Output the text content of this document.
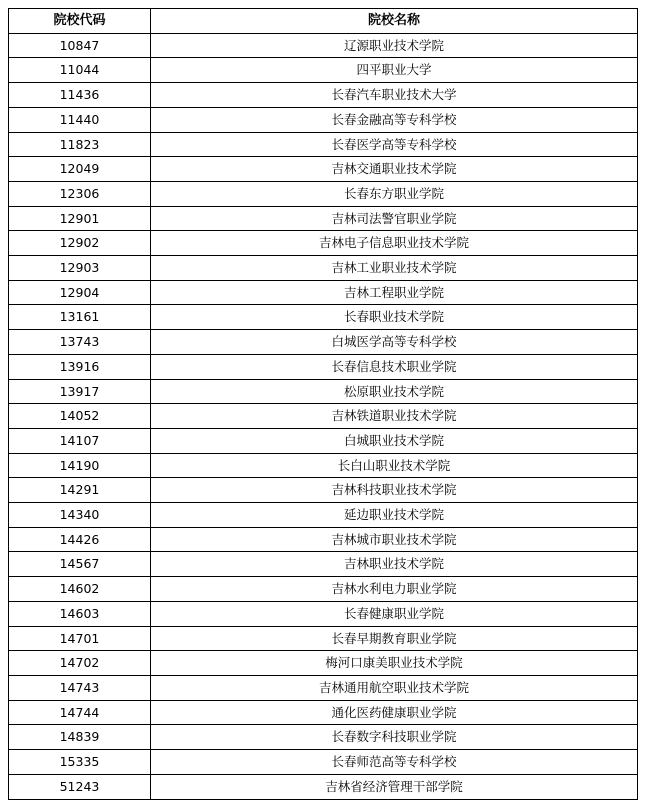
院校代码	院校名称
10847	辽源职业技术学院
11044	四平职业大学
11436	长春汽车职业技术大学
11440	长春金融高等专科学校
11823	长春医学高等专科学校
12049	吉林交通职业技术学院
12306	长春东方职业学院
12901	吉林司法警官职业学院
12902	吉林电子信息职业技术学院
12903	吉林工业职业技术学院
12904	吉林工程职业学院
13161	长春职业技术学院
13743	白城医学高等专科学校
13916	长春信息技术职业学院
13917	松原职业技术学院
14052	吉林铁道职业技术学院
14107	白城职业技术学院
14190	长白山职业技术学院
14291	吉林科技职业技术学院
14340	延边职业技术学院
14426	吉林城市职业技术学院
14567	吉林职业技术学院
14602	吉林水利电力职业学院
14603	长春健康职业学院
14701	长春早期教育职业学院
14702	梅河口康美职业技术学院
14743	吉林通用航空职业技术学院
14744	通化医药健康职业学院
14839	长春数字科技职业学院
15335	长春师范高等专科学校
51243	吉林省经济管理干部学院
